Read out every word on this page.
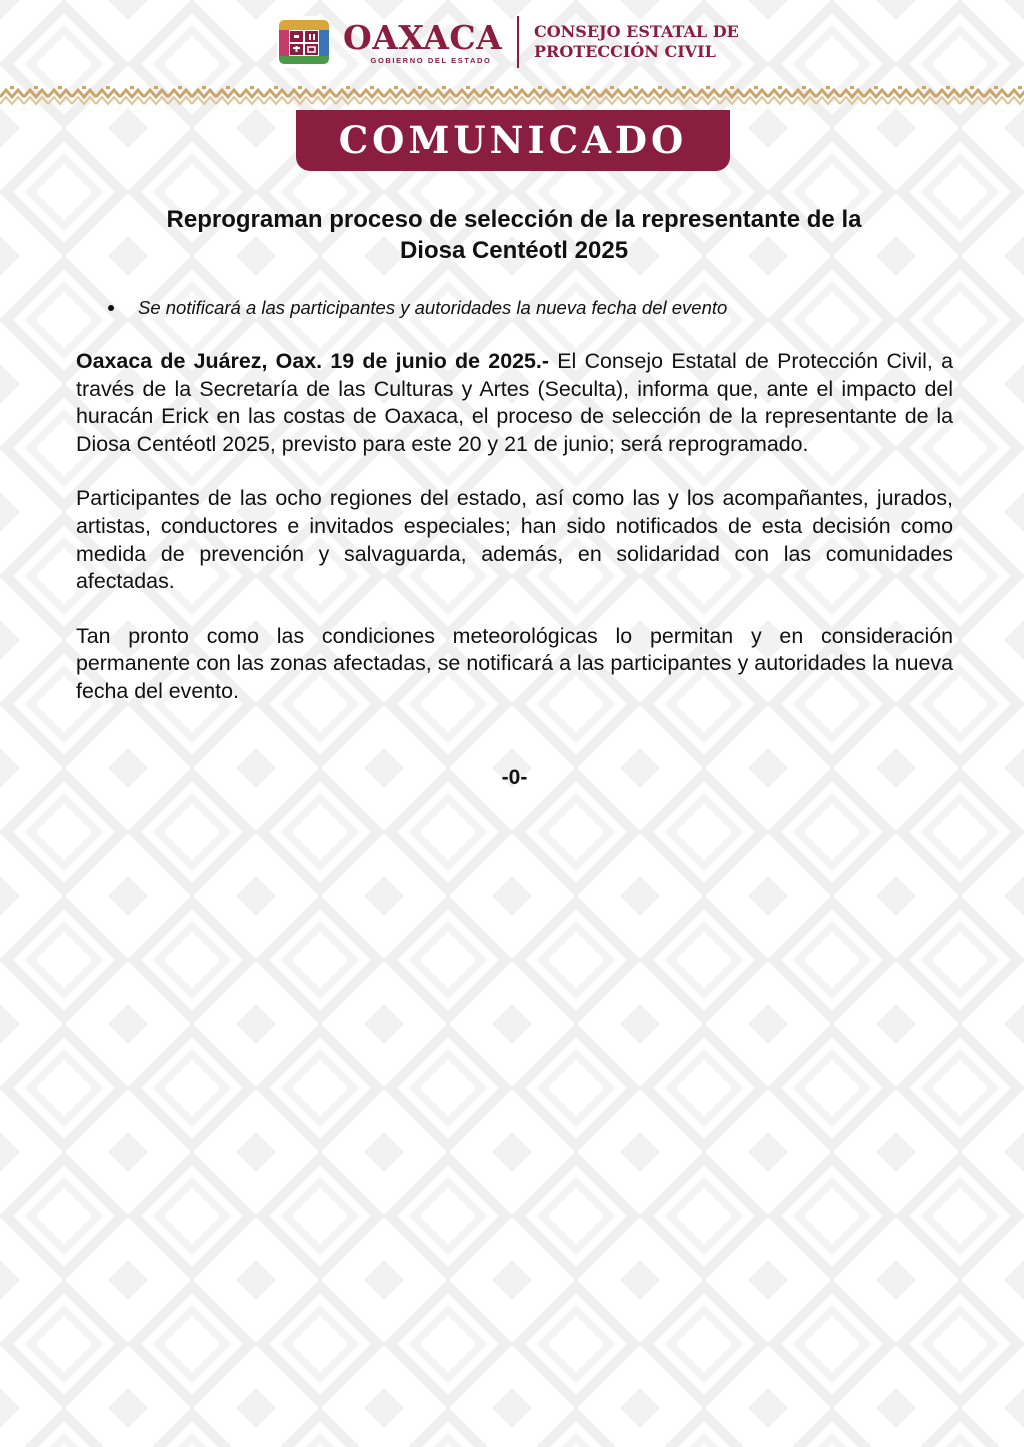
OAXACA
GOBIERNO DEL ESTADO
CONSEJO ESTATAL DE
PROTECCIÓN CIVIL
COMUNICADO
Reprograman proceso de selección de la representante de la
Diosa Centéotl 2025
Se notificará a las participantes y autoridades la nueva fecha del evento

Oaxaca de Juárez, Oax. 19 de junio de 2025.- El Consejo Estatal de Protección Civil, a través de la Secretaría de las Culturas y Artes (Seculta), informa que, ante el impacto del huracán Erick en las costas de Oaxaca, el proceso de selección de la representante de la Diosa Centéotl 2025, previsto para este 20 y 21 de junio; será reprogramado.

Participantes de las ocho regiones del estado, así como las y los acompañantes, jurados, artistas, conductores e invitados especiales; han sido notificados de esta decisión como medida de prevención y salvaguarda, además, en solidaridad con las comunidades afectadas.

Tan pronto como las condiciones meteorológicas lo permitan y en consideración permanente con las zonas afectadas, se notificará a las participantes y autoridades la nueva fecha del evento.

-0-
